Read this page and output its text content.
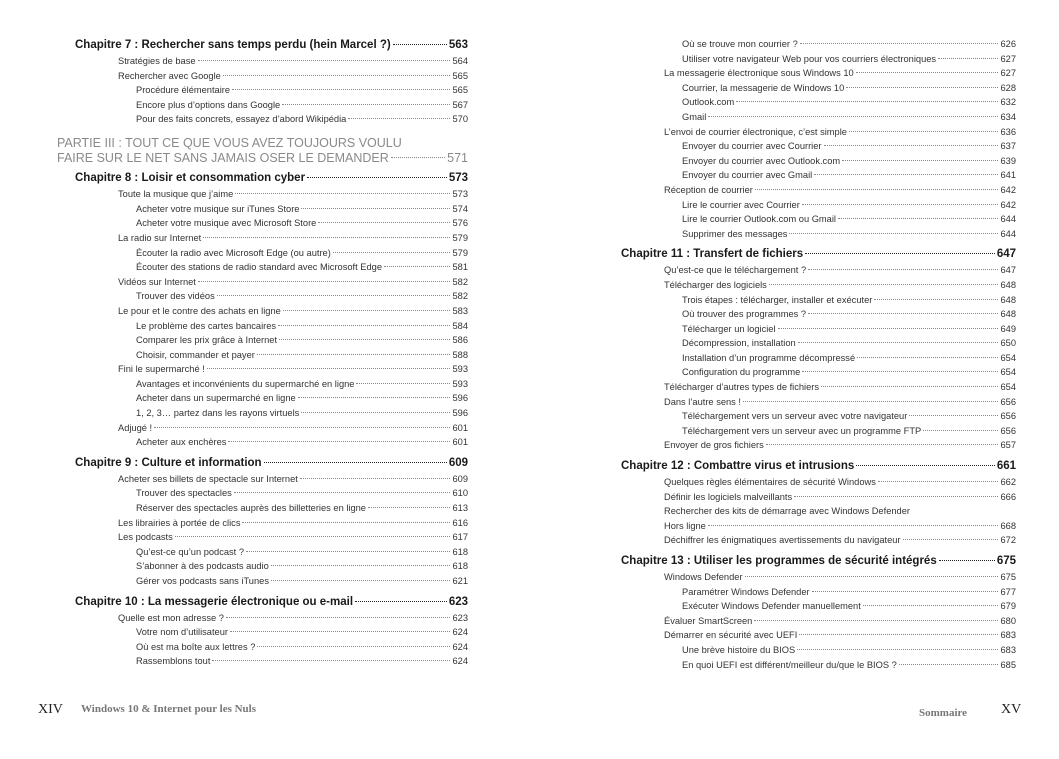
Chapitre 7 : Rechercher sans temps perdu (hein Marcel ?)	563
Stratégies de base	564
Rechercher avec Google	565
Procédure élémentaire	565
Encore plus d’options dans Google	567
Pour des faits concrets, essayez d’abord Wikipédia	570
PARTIE III : TOUT CE QUE VOUS AVEZ TOUJOURS VOULU
FAIRE SUR LE NET SANS JAMAIS OSER LE DEMANDER	571
Chapitre 8 : Loisir et consommation cyber	573
Toute la musique que j’aime	573
Acheter votre musique sur iTunes Store	574
Acheter votre musique avec Microsoft Store	576
La radio sur Internet	579
Écouter la radio avec Microsoft Edge (ou autre)	579
Écouter des stations de radio standard avec Microsoft Edge	581
Vidéos sur Internet	582
Trouver des vidéos	582
Le pour et le contre des achats en ligne	583
Le problème des cartes bancaires	584
Comparer les prix grâce à Internet	586
Choisir, commander et payer	588
Fini le supermarché !	593
Avantages et inconvénients du supermarché en ligne	593
Acheter dans un supermarché en ligne	596
1, 2, 3… partez dans les rayons virtuels	596
Adjugé !	601
Acheter aux enchères	601
Chapitre 9 : Culture et information	609
Acheter ses billets de spectacle sur Internet	609
Trouver des spectacles	610
Réserver des spectacles auprès des billetteries en ligne	613
Les librairies à portée de clics	616
Les podcasts	617
Qu’est-ce qu’un podcast ?	618
S’abonner à des podcasts audio	618
Gérer vos podcasts sans iTunes	621
Chapitre 10 : La messagerie électronique ou e-mail	623
Quelle est mon adresse ?	623
Votre nom d’utilisateur	624
Où est ma boîte aux lettres ?	624
Rassemblons tout	624
Où se trouve mon courrier ?	626
Utiliser votre navigateur Web pour vos courriers électroniques	627
La messagerie électronique sous Windows 10	627
Courrier, la messagerie de Windows 10	628
Outlook.com	632
Gmail	634
L’envoi de courrier électronique, c’est simple	636
Envoyer du courrier avec Courrier	637
Envoyer du courrier avec Outlook.com	639
Envoyer du courrier avec Gmail	641
Réception de courrier	642
Lire le courrier avec Courrier	642
Lire le courrier Outlook.com ou Gmail	644
Supprimer des messages	644
Chapitre 11 : Transfert de fichiers	647
Qu’est-ce que le téléchargement ?	647
Télécharger des logiciels	648
Trois étapes : télécharger, installer et exécuter	648
Où trouver des programmes ?	648
Télécharger un logiciel	649
Décompression, installation	650
Installation d’un programme décompressé	654
Configuration du programme	654
Télécharger d’autres types de fichiers	654
Dans l’autre sens !	656
Téléchargement vers un serveur avec votre navigateur	656
Téléchargement vers un serveur avec un programme FTP	656
Envoyer de gros fichiers	657
Chapitre 12 : Combattre virus et intrusions	661
Quelques règles élémentaires de sécurité Windows	662
Définir les logiciels malveillants	666
Rechercher des kits de démarrage avec Windows Defender
Hors ligne	668
Déchiffrer les énigmatiques avertissements du navigateur	672
Chapitre 13 : Utiliser les programmes de sécurité intégrés	675
Windows Defender	675
Paramétrer Windows Defender	677
Exécuter Windows Defender manuellement	679
Évaluer SmartScreen	680
Démarrer en sécurité avec UEFI	683
Une brève histoire du BIOS	683
En quoi UEFI est différent/meilleur du/que le BIOS ?	685
XIV Windows 10 & Internet pour les Nuls	Sommaire XV
